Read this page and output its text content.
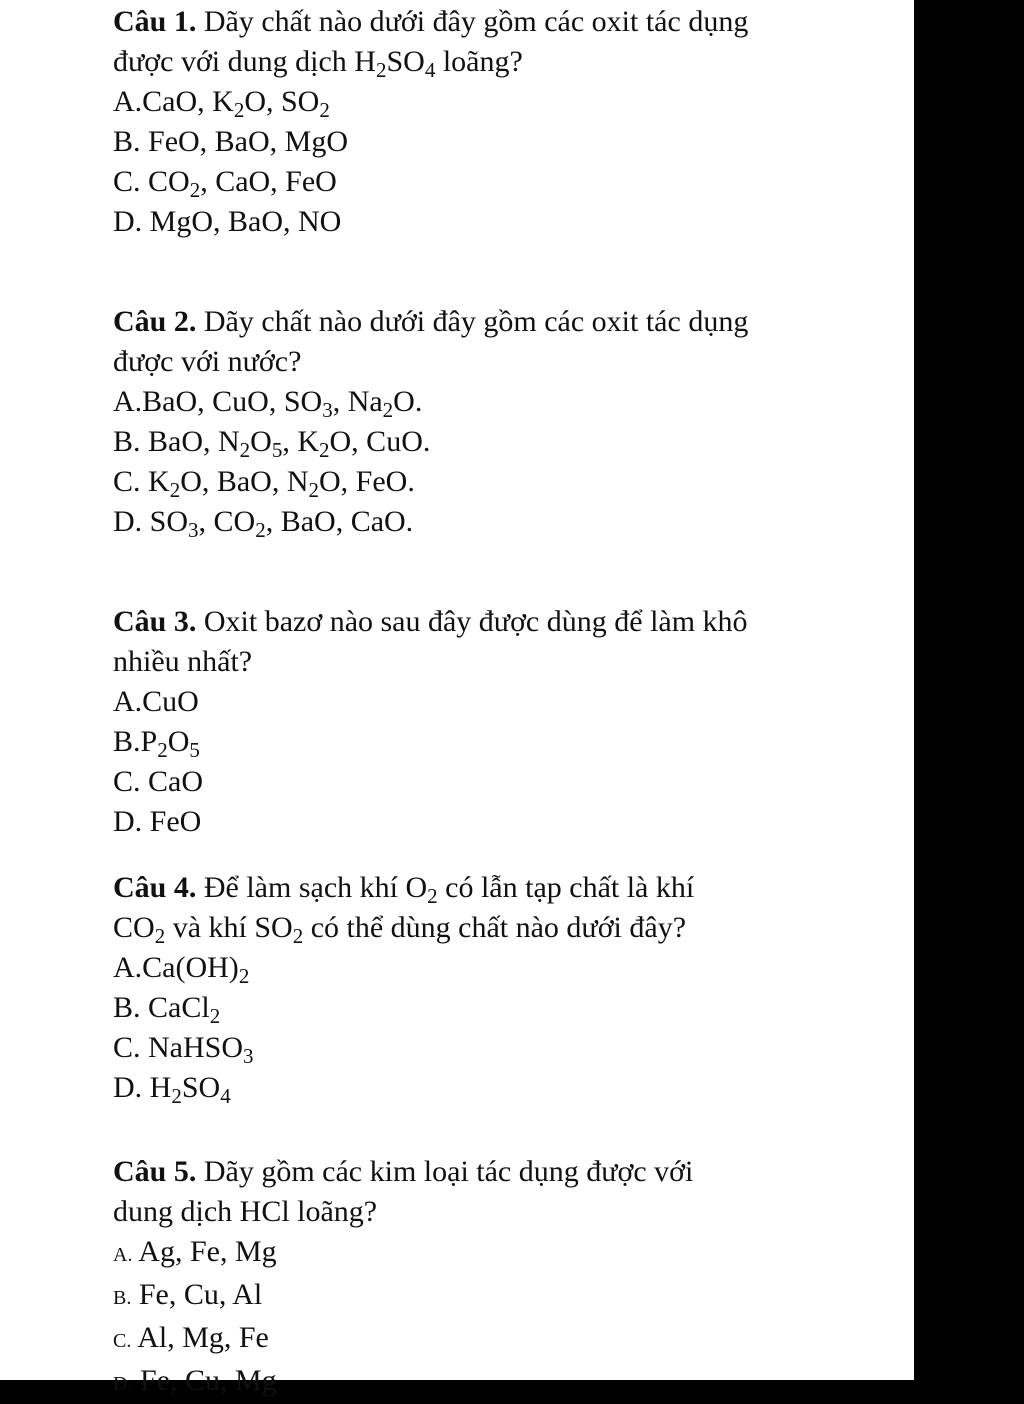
Câu 1. Dãy chất nào dưới đây gồm các oxit tác dụng
được với dung dịch $H_2SO_4$ loãng?

A.CaO, $K_2O$, $SO_2$

B. FeO, BaO, MgO

C. $CO_2$, CaO, FeO

D. MgO, BaO, NO

Câu 2. Dãy chất nào dưới đây gồm các oxit tác dụng
được với nước?

A.BaO, CuO, $SO_3$, $Na_2O$.

B. BaO, $N_2O_5$, $K_2O$, CuO.

C. $K_2O$, BaO, $N_2O$, FeO.

D. $SO_3$, $CO_2$, BaO, CaO.

Câu 3. Oxit bazơ nào sau đây được dùng để làm khô
nhiều nhất?

A.CuO

$B.P_2O_5$

C. CaO

D. FeO

Câu 4. Để làm sạch khí $O_2$ có lẫn tạp chất là khí
$CO_2$ và khí $SO_2$ có thể dùng chất nào dưới đây?

$A.Ca(OH)_2$

B. CaCl$_2$

C. NaHSO$_3$

D. $H_2SO_4$

Câu 5. Dãy gồm các kim loại tác dụng được với
dung dịch HCl loãng?

A. Ag, Fe, Mg

B. Fe, Cu, Al

C. Al, Mg, Fe

D. Fe, Cu, Mg
